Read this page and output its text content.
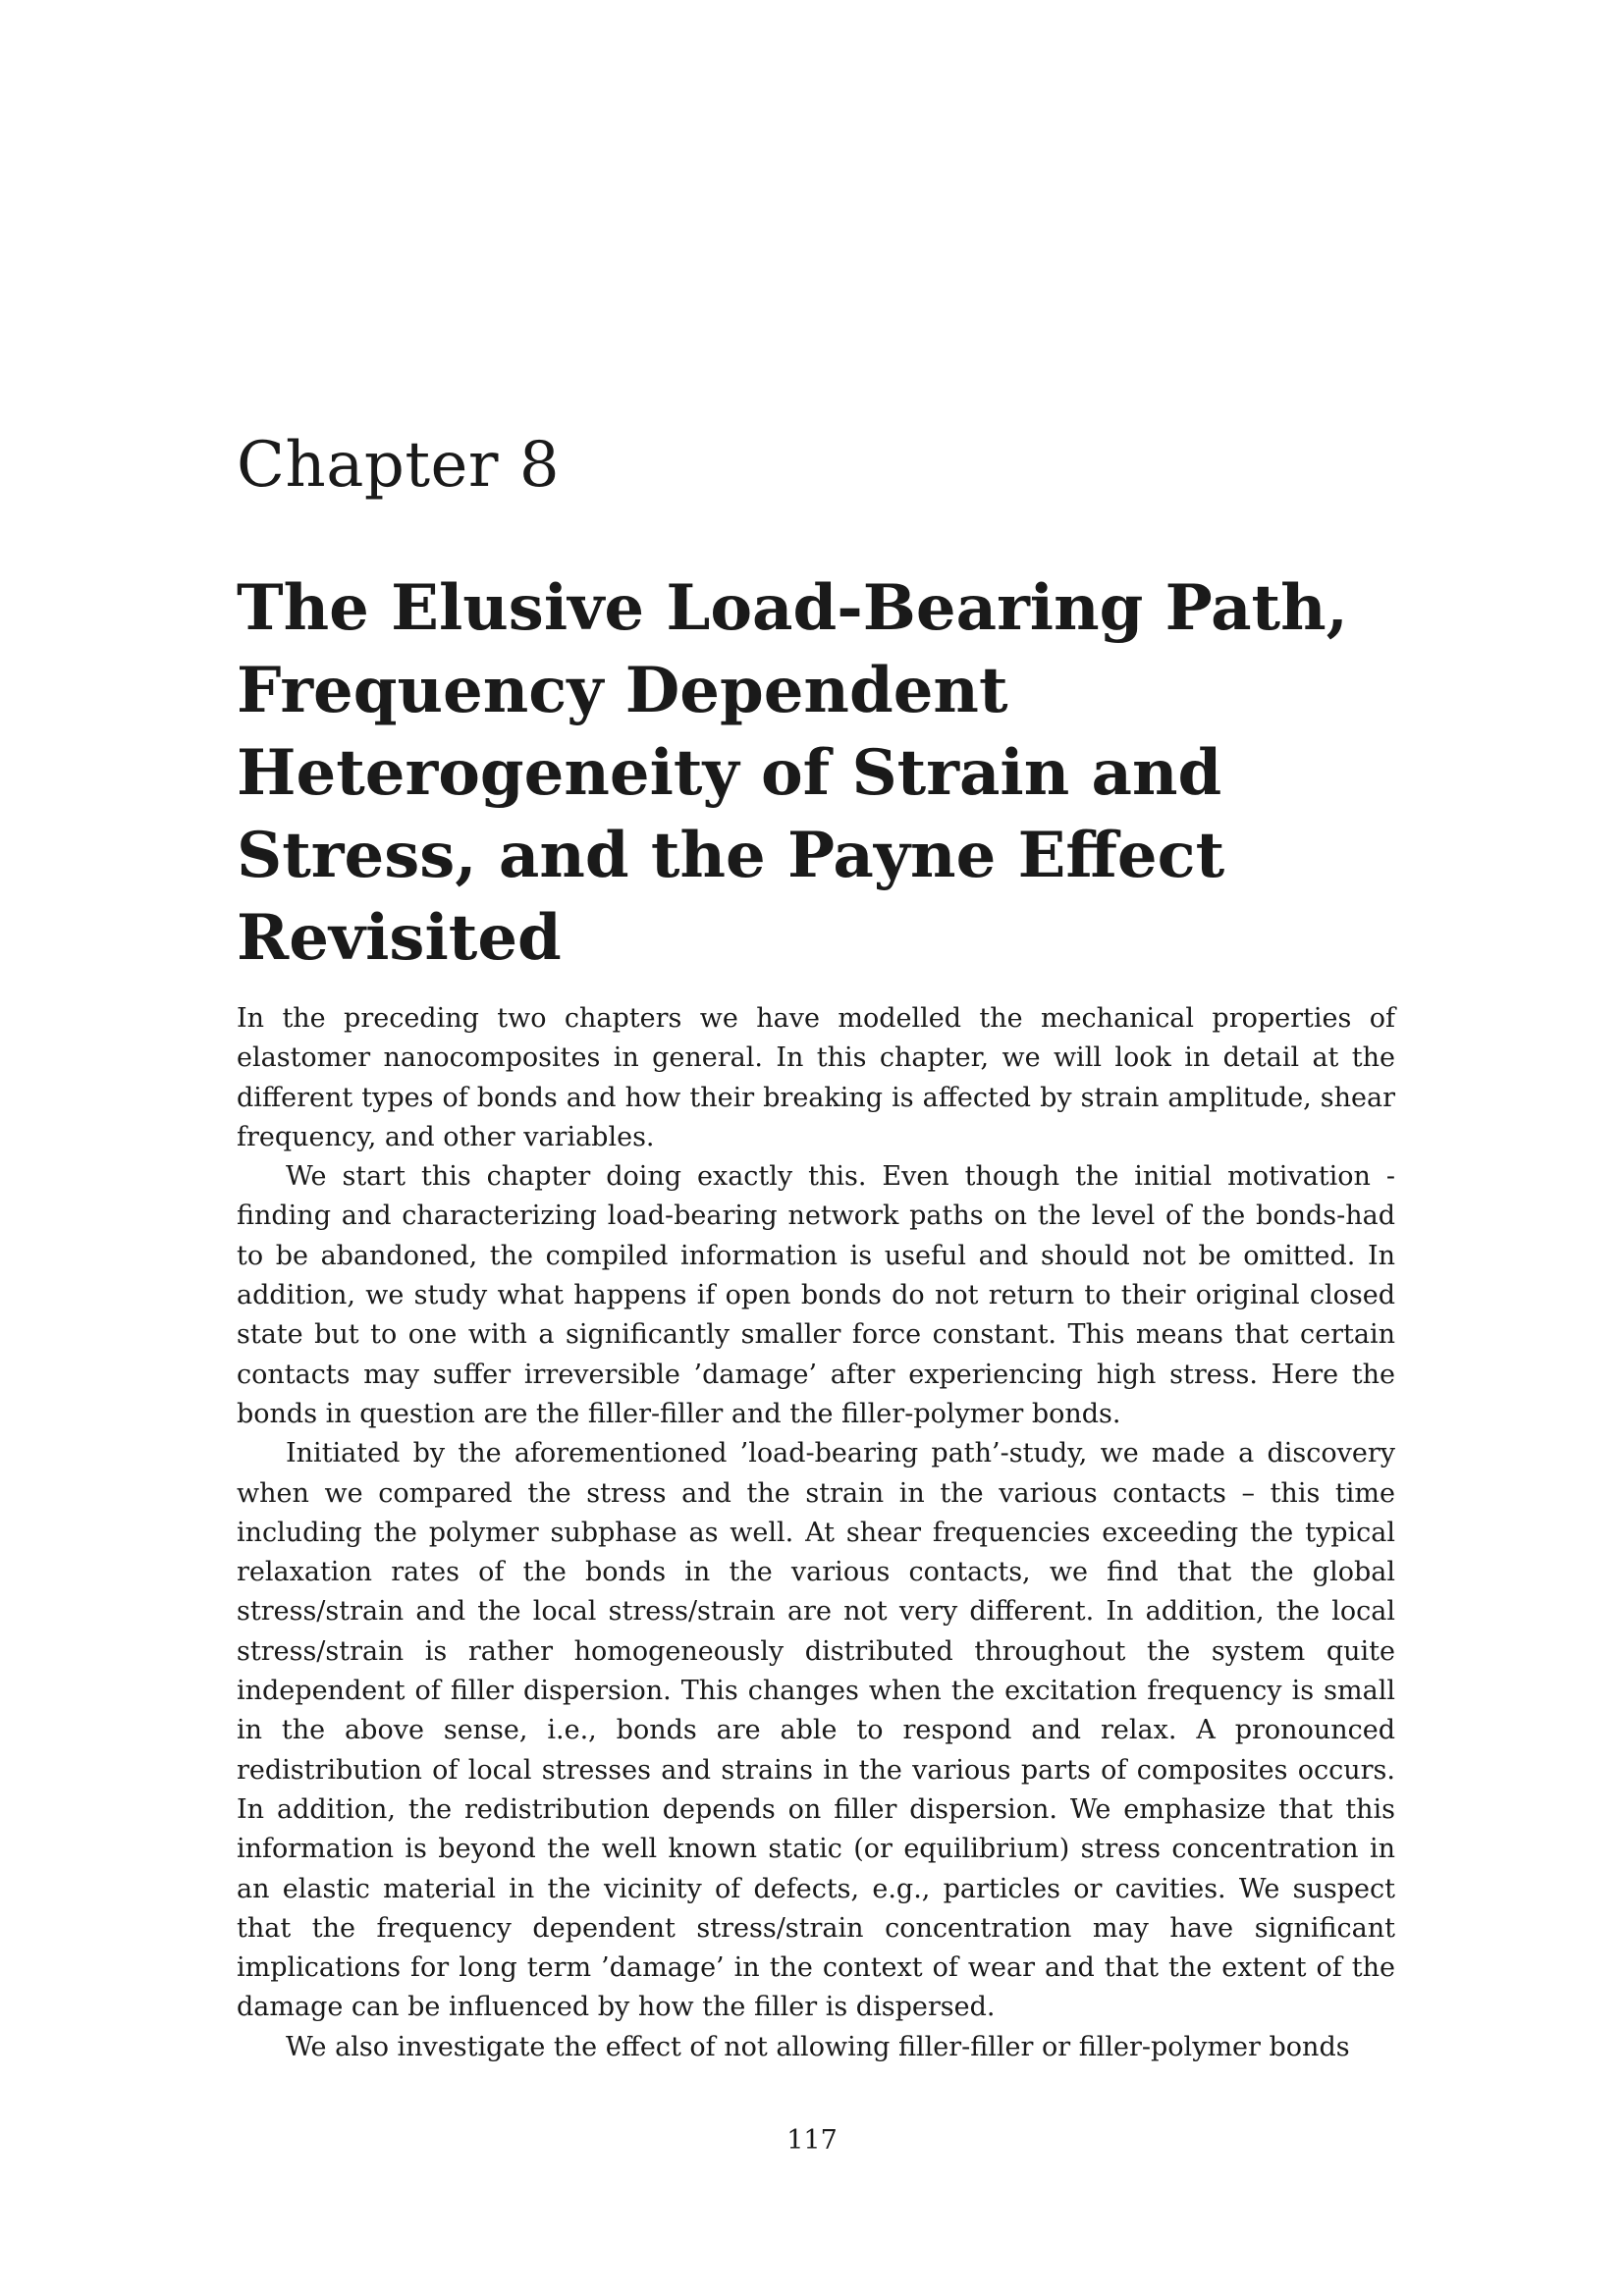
Chapter 8
The Elusive Load-Bearing Path, Frequency Dependent Heterogeneity of Strain and Stress, and the Payne Effect Revisited

In the preceding two chapters we have modelled the mechanical properties of elastomer nanocomposites in general. In this chapter, we will look in detail at the different types of bonds and how their breaking is affected by strain amplitude, shear frequency, and other variables.

We start this chapter doing exactly this. Even though the initial motivation -finding and characterizing load-bearing network paths on the level of the bonds-had to be abandoned, the compiled information is useful and should not be omitted. In addition, we study what happens if open bonds do not return to their original closed state but to one with a significantly smaller force constant. This means that certain contacts may suffer irreversible ’damage’ after experiencing high stress. Here the bonds in question are the filler-filler and the filler-polymer bonds.

Initiated by the aforementioned ’load-bearing path’-study, we made a discovery when we compared the stress and the strain in the various contacts – this time including the polymer subphase as well. At shear frequencies exceeding the typical relaxation rates of the bonds in the various contacts, we find that the global stress/strain and the local stress/strain are not very different. In addition, the local stress/strain is rather homogeneously distributed throughout the system quite independent of filler dispersion. This changes when the excitation frequency is small in the above sense, i.e., bonds are able to respond and relax. A pronounced redistribution of local stresses and strains in the various parts of composites occurs. In addition, the redistribution depends on filler dispersion. We emphasize that this information is beyond the well known static (or equilibrium) stress concentration in an elastic material in the vicinity of defects, e.g., particles or cavities. We suspect that the frequency dependent stress/strain concentration may have significant implications for long term ’damage’ in the context of wear and that the extent of the damage can be influenced by how the filler is dispersed.

We also investigate the effect of not allowing filler-filler or filler-polymer bonds

117
